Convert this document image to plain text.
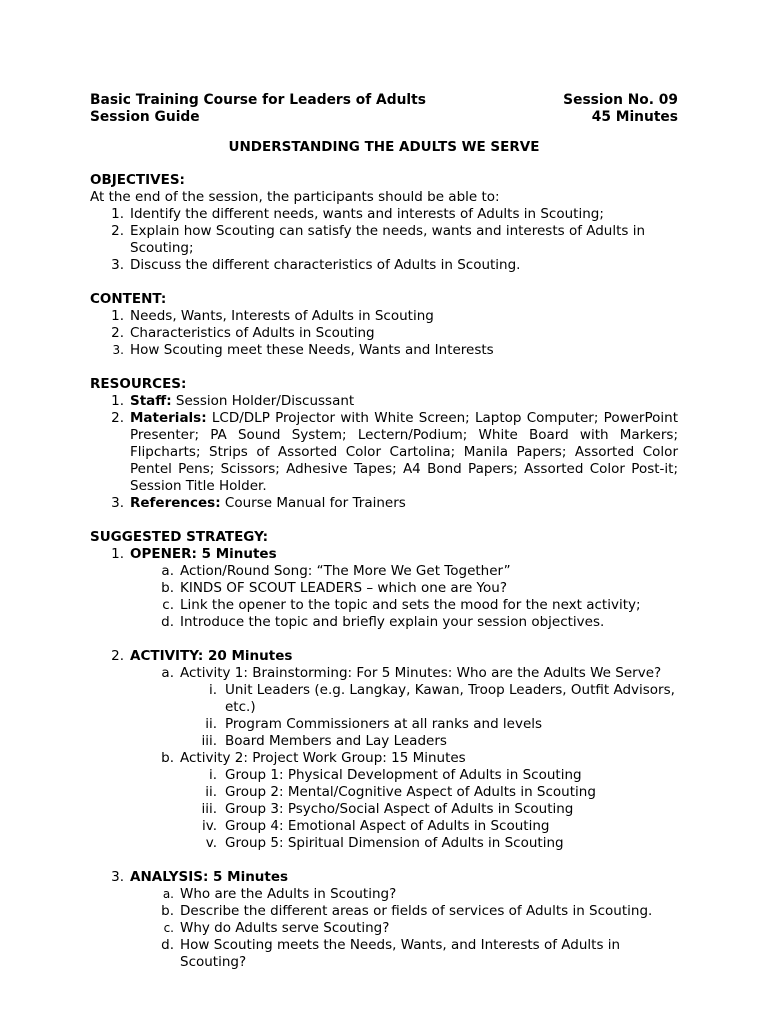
Basic Training Course for Leaders of Adults	Session No. 09
Session Guide	45 Minutes
UNDERSTANDING THE ADULTS WE SERVE
OBJECTIVES:
At the end of the session, the participants should be able to:
1. Identify the different needs, wants and interests of Adults in Scouting;
2. Explain how Scouting can satisfy the needs, wants and interests of Adults in Scouting;
3. Discuss the different characteristics of Adults in Scouting.
CONTENT:
1. Needs, Wants, Interests of Adults in Scouting
2. Characteristics of Adults in Scouting
3. How Scouting meet these Needs, Wants and Interests
RESOURCES:
1. Staff: Session Holder/Discussant
2. Materials: LCD/DLP Projector with White Screen; Laptop Computer; PowerPoint Presenter; PA Sound System; Lectern/Podium; White Board with Markers; Flipcharts; Strips of Assorted Color Cartolina; Manila Papers; Assorted Color Pentel Pens; Scissors; Adhesive Tapes; A4 Bond Papers; Assorted Color Post-it; Session Title Holder.
3. References: Course Manual for Trainers
SUGGESTED STRATEGY:
1. OPENER: 5 Minutes
a. Action/Round Song: “The More We Get Together”
b. KINDS OF SCOUT LEADERS – which one are You?
c. Link the opener to the topic and sets the mood for the next activity;
d. Introduce the topic and briefly explain your session objectives.
2. ACTIVITY: 20 Minutes
a. Activity 1: Brainstorming: For 5 Minutes: Who are the Adults We Serve?
i. Unit Leaders (e.g. Langkay, Kawan, Troop Leaders, Outfit Advisors, etc.)
ii. Program Commissioners at all ranks and levels
iii. Board Members and Lay Leaders
b. Activity 2: Project Work Group: 15 Minutes
i. Group 1: Physical Development of Adults in Scouting
ii. Group 2: Mental/Cognitive Aspect of Adults in Scouting
iii. Group 3: Psycho/Social Aspect of Adults in Scouting
iv. Group 4: Emotional Aspect of Adults in Scouting
v. Group 5: Spiritual Dimension of Adults in Scouting
3. ANALYSIS: 5 Minutes
a. Who are the Adults in Scouting?
b. Describe the different areas or fields of services of Adults in Scouting.
c. Why do Adults serve Scouting?
d. How Scouting meets the Needs, Wants, and Interests of Adults in Scouting?
